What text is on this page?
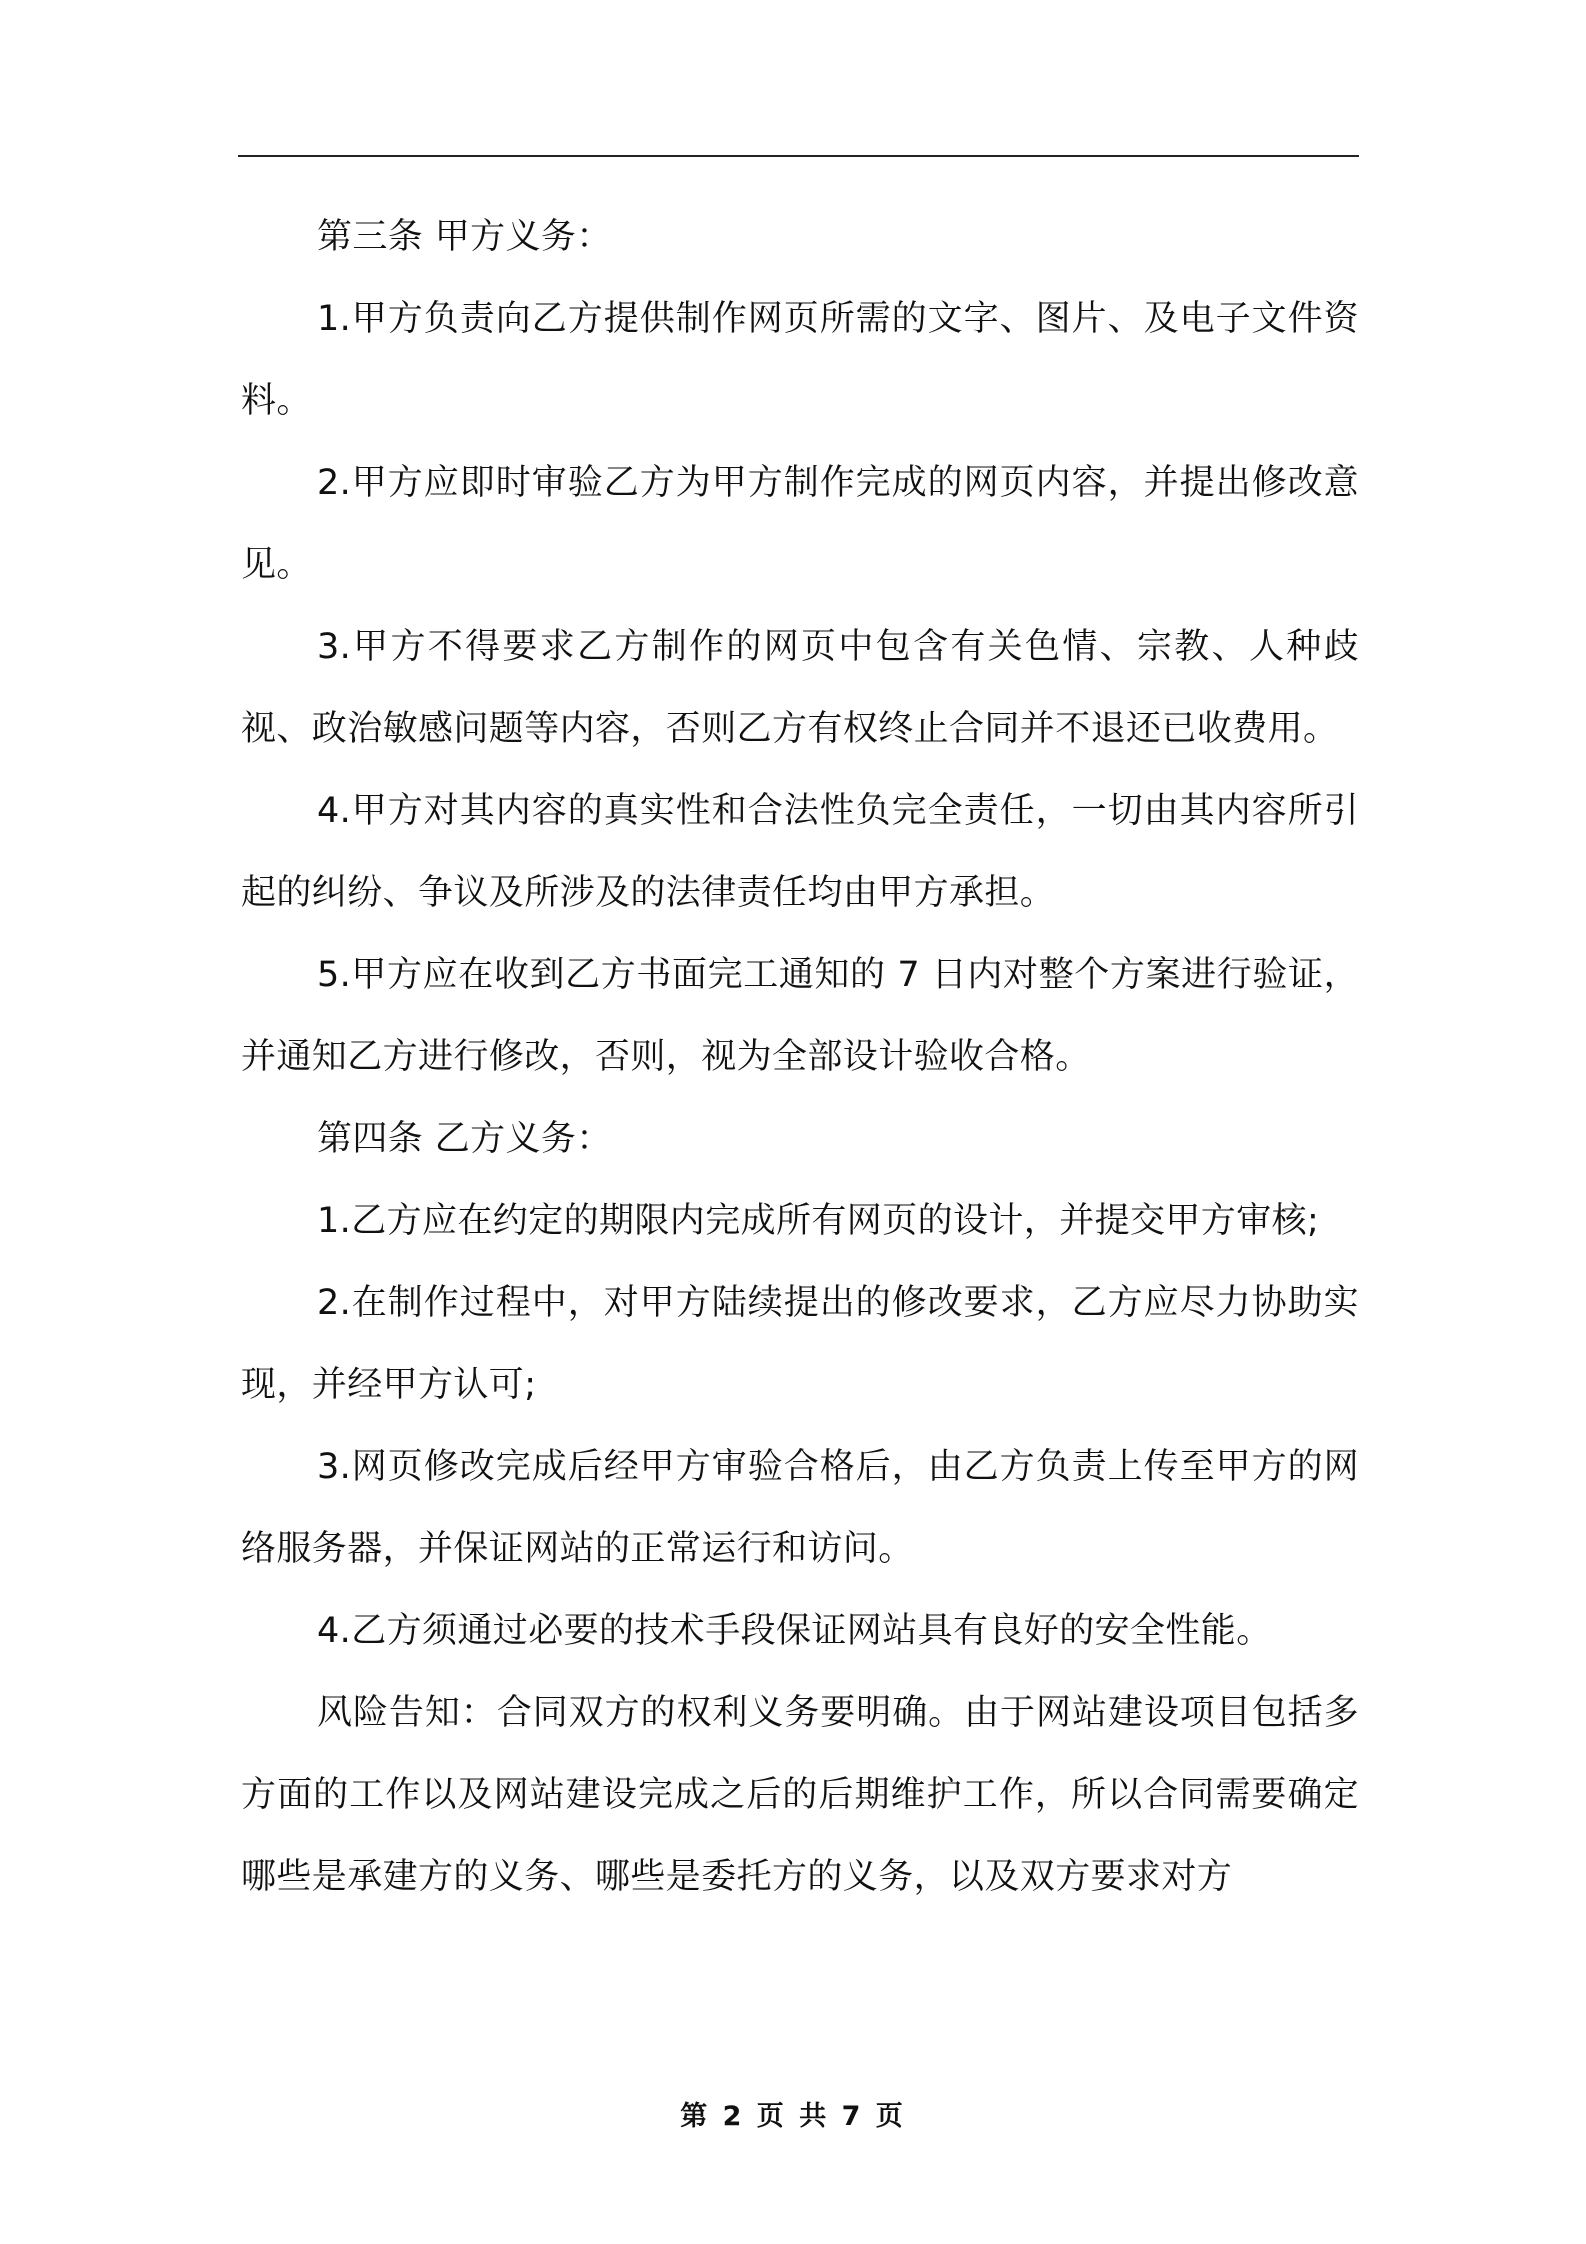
第三条 甲方义务：

1.甲方负责向乙方提供制作网页所需的文字、图片、及电子文件资料。

2.甲方应即时审验乙方为甲方制作完成的网页内容，并提出修改意见。

3.甲方不得要求乙方制作的网页中包含有关色情、宗教、人种歧视、政治敏感问题等内容，否则乙方有权终止合同并不退还已收费用。

4.甲方对其内容的真实性和合法性负完全责任，一切由其内容所引起的纠纷、争议及所涉及的法律责任均由甲方承担。

5.甲方应在收到乙方书面完工通知的 7 日内对整个方案进行验证，并通知乙方进行修改，否则，视为全部设计验收合格。

第四条 乙方义务：

1.乙方应在约定的期限内完成所有网页的设计，并提交甲方审核;

2.在制作过程中，对甲方陆续提出的修改要求，乙方应尽力协助实现，并经甲方认可;

3.网页修改完成后经甲方审验合格后，由乙方负责上传至甲方的网络服务器，并保证网站的正常运行和访问。

4.乙方须通过必要的技术手段保证网站具有良好的安全性能。

风险告知：合同双方的权利义务要明确。由于网站建设项目包括多方面的工作以及网站建设完成之后的后期维护工作，所以合同需要确定哪些是承建方的义务、哪些是委托方的义务，以及双方要求对方

第 2 页 共 7 页
